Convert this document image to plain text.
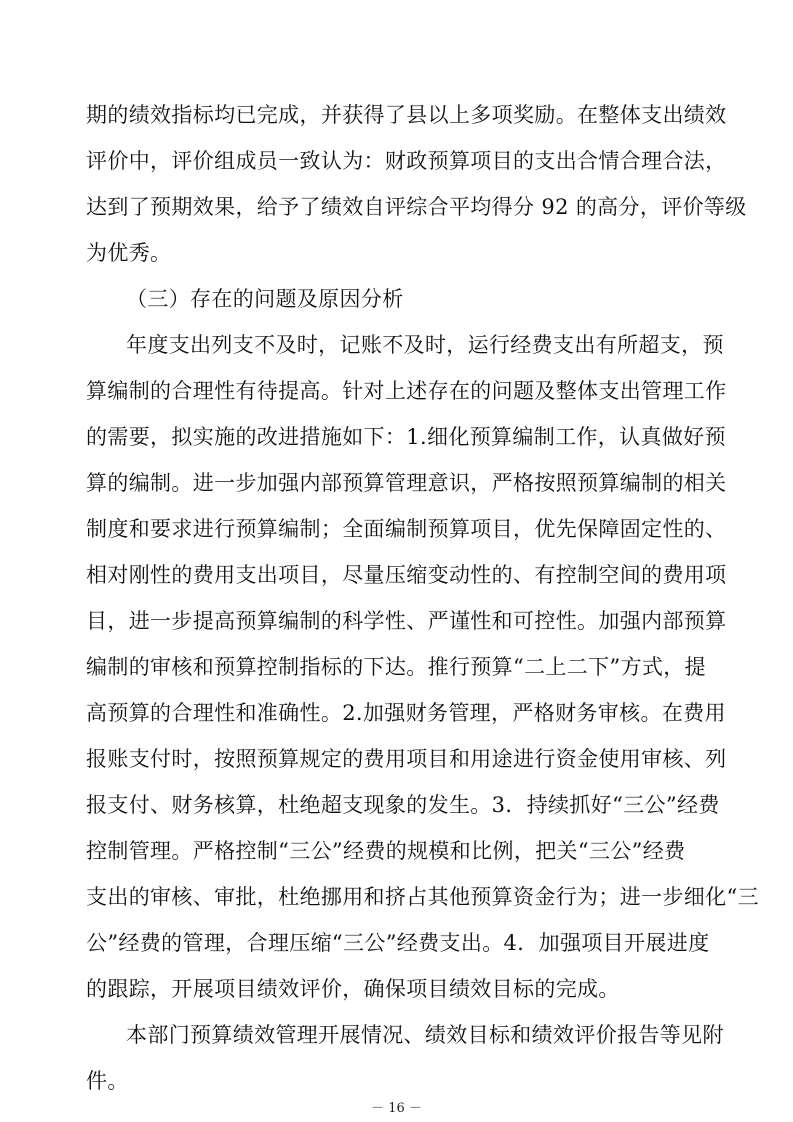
期的绩效指标均已完成，并获得了县以上多项奖励。在整体支出绩效
评价中，评价组成员一致认为：财政预算项目的支出合情合理合法，
达到了预期效果，给予了绩效自评综合平均得分 92 的高分，评价等级
为优秀。
（三）存在的问题及原因分析
年度支出列支不及时，记账不及时，运行经费支出有所超支，预
算编制的合理性有待提高。针对上述存在的问题及整体支出管理工作
的需要，拟实施的改进措施如下：1.细化预算编制工作，认真做好预
算的编制。进一步加强内部预算管理意识，严格按照预算编制的相关
制度和要求进行预算编制；全面编制预算项目，优先保障固定性的、
相对刚性的费用支出项目，尽量压缩变动性的、有控制空间的费用项
目，进一步提高预算编制的科学性、严谨性和可控性。加强内部预算
编制的审核和预算控制指标的下达。推行预算“二上二下”方式，提
高预算的合理性和准确性。2.加强财务管理，严格财务审核。在费用
报账支付时，按照预算规定的费用项目和用途进行资金使用审核、列
报支付、财务核算，杜绝超支现象的发生。3．持续抓好“三公”经费
控制管理。严格控制“三公”经费的规模和比例，把关“三公”经费
支出的审核、审批，杜绝挪用和挤占其他预算资金行为；进一步细化“三
公”经费的管理，合理压缩“三公”经费支出。4．加强项目开展进度
的跟踪，开展项目绩效评价，确保项目绩效目标的完成。
本部门预算绩效管理开展情况、绩效目标和绩效评价报告等见附
件。
－ 16 －
